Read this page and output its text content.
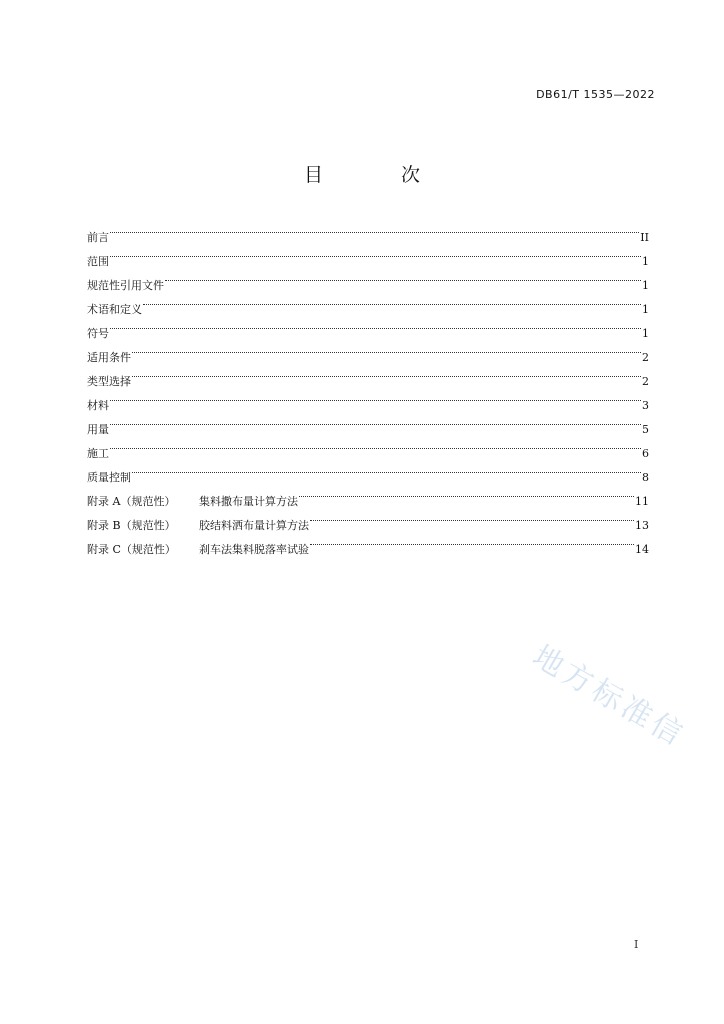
DB61/T 1535—2022
目 次
前言	II
范围	1
规范性引用文件	1
术语和定义	1
符号	1
适用条件	2
类型选择	2
材料	3
用量	5
施工	6
质量控制	8
附录 A（规范性） 集料撒布量计算方法	11
附录 B（规范性） 胶结料洒布量计算方法	13
附录 C（规范性） 刹车法集料脱落率试验	14
地方标准信
I
